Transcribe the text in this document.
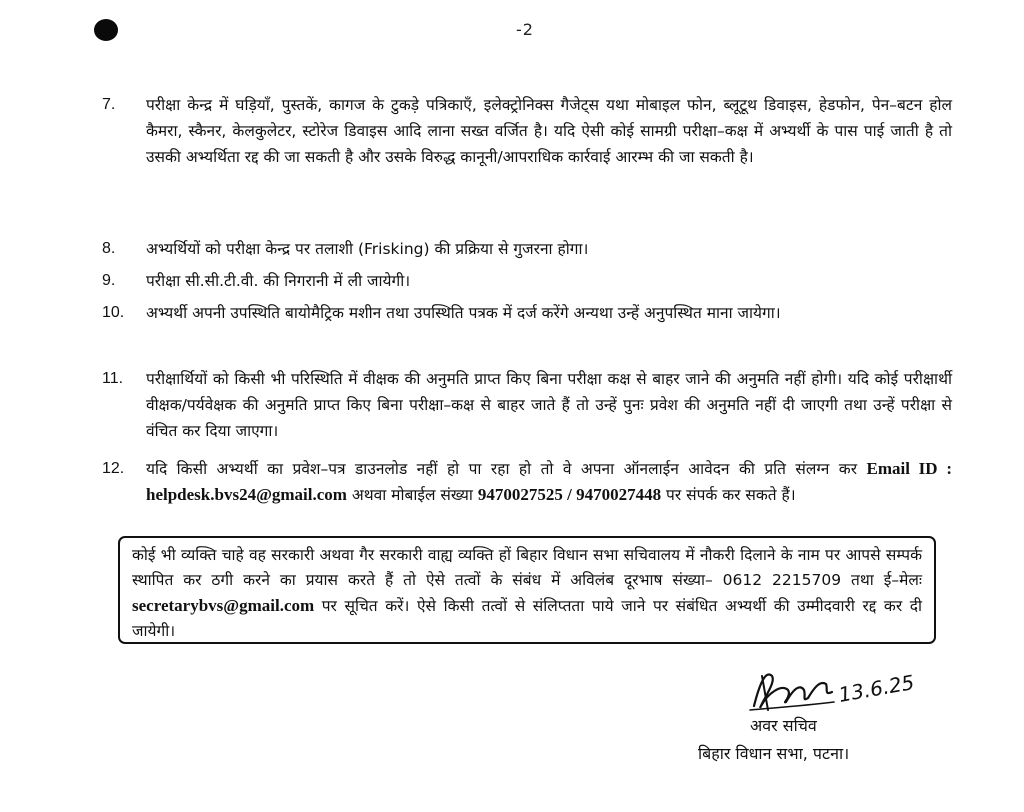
-2
7.	परीक्षा केन्द्र में घड़ियाँ, पुस्तकें, कागज के टुकड़े पत्रिकाएँ, इलेक्ट्रोनिक्स गैजेट्स यथा मोबाइल फोन, ब्लूटूथ डिवाइस, हेडफोन, पेन–बटन होल कैमरा, स्कैनर, केलकुलेटर, स्टोरेज डिवाइस आदि लाना सख्त वर्जित है। यदि ऐसी कोई सामग्री परीक्षा–कक्ष में अभ्यर्थी के पास पाई जाती है तो उसकी अभ्यर्थिता रद्द की जा सकती है और उसके विरुद्ध कानूनी/आपराधिक कार्रवाई आरम्भ की जा सकती है।
8.	अभ्यर्थियों को परीक्षा केन्द्र पर तलाशी (Frisking) की प्रक्रिया से गुजरना होगा।
9.	परीक्षा सी.सी.टी.वी. की निगरानी में ली जायेगी।
10.	अभ्यर्थी अपनी उपस्थिति बायोमैट्रिक मशीन तथा उपस्थिति पत्रक में दर्ज करेंगे अन्यथा उन्हें अनुपस्थित माना जायेगा।
11.	परीक्षार्थियों को किसी भी परिस्थिति में वीक्षक की अनुमति प्राप्त किए बिना परीक्षा कक्ष से बाहर जाने की अनुमति नहीं होगी। यदि कोई परीक्षार्थी वीक्षक/पर्यवेक्षक की अनुमति प्राप्त किए बिना परीक्षा–कक्ष से बाहर जाते हैं तो उन्हें पुनः प्रवेश की अनुमति नहीं दी जाएगी तथा उन्हें परीक्षा से वंचित कर दिया जाएगा।
12.	यदि किसी अभ्यर्थी का प्रवेश–पत्र डाउनलोड नहीं हो पा रहा हो तो वे अपना ऑनलाईन आवेदन की प्रति संलग्न कर Email ID : helpdesk.bvs24@gmail.com अथवा मोबाईल संख्या 9470027525 / 9470027448 पर संपर्क कर सकते हैं।
कोई भी व्यक्ति चाहे वह सरकारी अथवा गैर सरकारी वाह्य व्यक्ति हों बिहार विधान सभा सचिवालय में नौकरी दिलाने के नाम पर आपसे सम्पर्क स्थापित कर ठगी करने का प्रयास करते हैं तो ऐसे तत्वों के संबंध में अविलंब दूरभाष संख्या– 0612 2215709 तथा ई–मेलः secretarybvs@gmail.com पर सूचित करें। ऐसे किसी तत्वों से संलिप्तता पाये जाने पर संबंधित अभ्यर्थी की उम्मीदवारी रद्द कर दी जायेगी।
13.6.25
अवर सचिव
बिहार विधान सभा, पटना।
